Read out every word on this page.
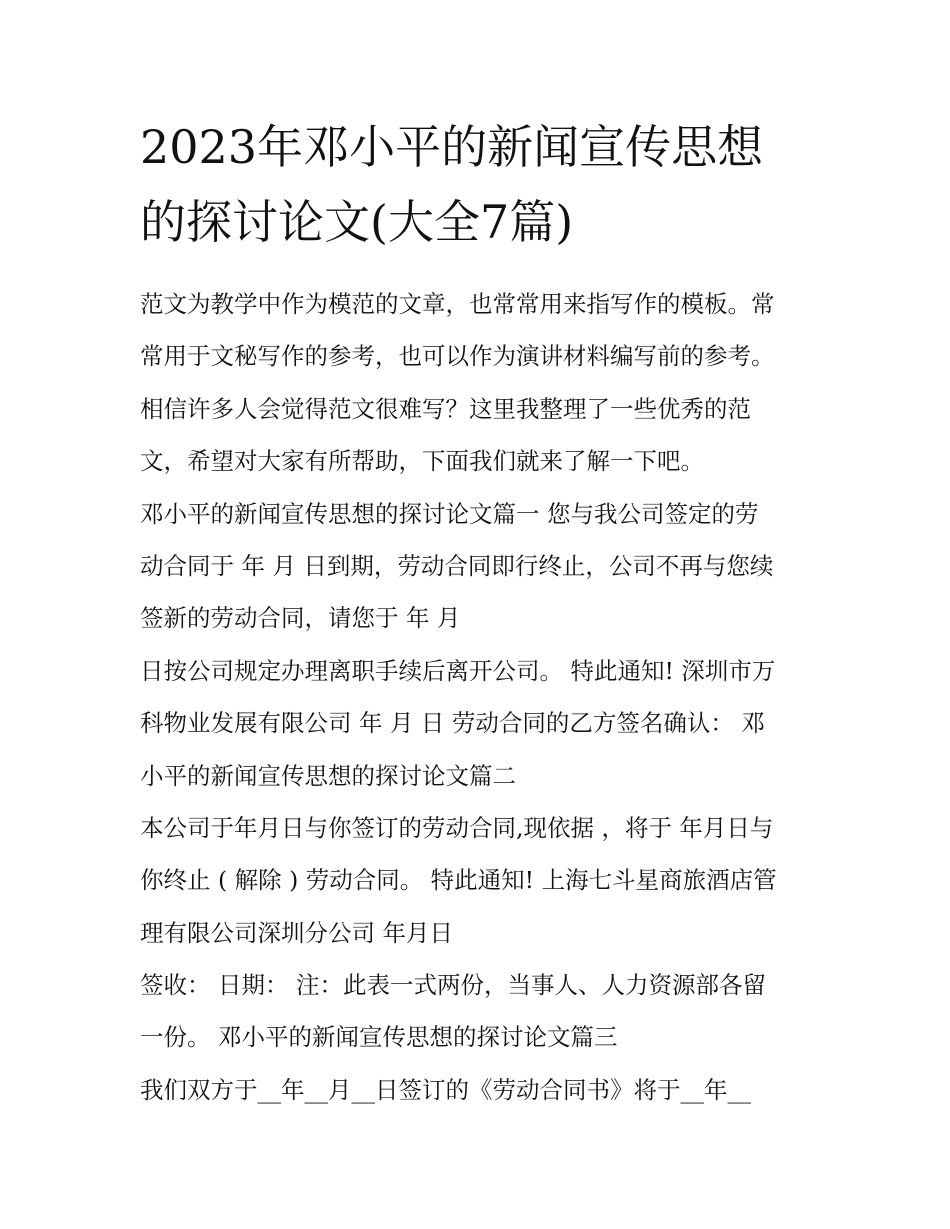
2023年邓小平的新闻宣传思想
的探讨论文(大全7篇)
范文为教学中作为模范的文章，也常常用来指写作的模板。常
常用于文秘写作的参考，也可以作为演讲材料编写前的参考。
相信许多人会觉得范文很难写？这里我整理了一些优秀的范
文，希望对大家有所帮助，下面我们就来了解一下吧。
邓小平的新闻宣传思想的探讨论文篇一 您与我公司签定的劳
动合同于 年 月 日到期，劳动合同即行终止，公司不再与您续
签新的劳动合同，请您于 年 月
日按公司规定办理离职手续后离开公司。 特此通知! 深圳市万
科物业发展有限公司 年 月 日 劳动合同的乙方签名确认： 邓
小平的新闻宣传思想的探讨论文篇二
本公司于年月日与你签订的劳动合同,现依据 ，将于 年月日与
你终止 ( 解除 ) 劳动合同。 特此通知! 上海七斗星商旅酒店管
理有限公司深圳分公司 年月日
签收： 日期： 注：此表一式两份，当事人、人力资源部各留
一份。 邓小平的新闻宣传思想的探讨论文篇三
我们双方于__年__月__日签订的《劳动合同书》将于__年__
